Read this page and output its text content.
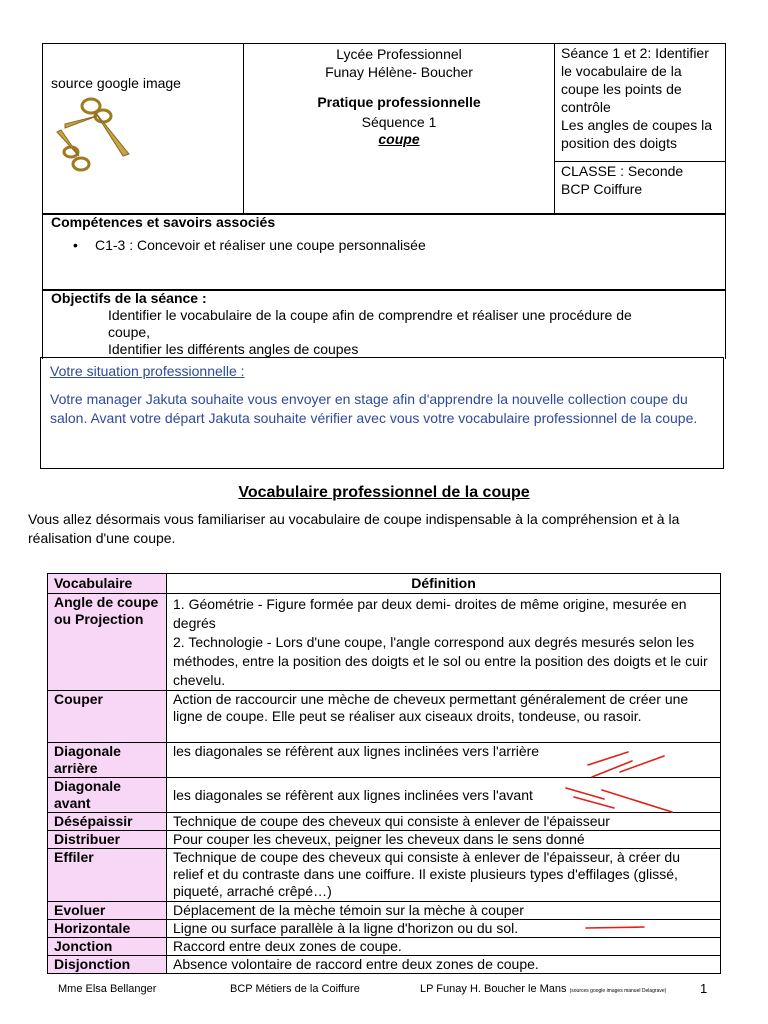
source google image

Lycée Professionnel
Funay Hélène- Boucher
Pratique professionnelle
Séquence 1
coupe

Séance 1 et 2: Identifier le vocabulaire de la coupe les points de contrôle
Les angles de coupes la position des doigts

CLASSE : Seconde
BCP Coiffure
Compétences et savoirs associés
• C1-3 : Concevoir et réaliser une coupe personnalisée
Objectifs de la séance :
Identifier le vocabulaire de la coupe afin de comprendre et réaliser une procédure de
coupe,
Identifier les différents angles de coupes
Votre situation professionnelle :
Votre manager Jakuta souhaite vous envoyer en stage afin d'apprendre la nouvelle collection coupe du salon. Avant votre départ Jakuta souhaite vérifier avec vous votre vocabulaire professionnel de la coupe.
Vocabulaire professionnel de la coupe
Vous allez désormais vous familiariser au vocabulaire de coupe indispensable à la compréhension et à la réalisation d'une coupe.
Vocabulaire	Définition
Angle de coupe ou Projection	1. Géométrie - Figure formée par deux demi- droites de même origine, mesurée en degrés
2. Technologie - Lors d'une coupe, l'angle correspond aux degrés mesurés selon les méthodes, entre la position des doigts et le sol ou entre la position des doigts et le cuir chevelu.

Couper	Action de raccourcir une mèche de cheveux permettant généralement de créer une ligne de coupe. Elle peut se réaliser aux ciseaux droits, tondeuse, ou rasoir.
Diagonale arrière	les diagonales se réfèrent aux lignes inclinées vers l'arrière
Diagonale avant	les diagonales se réfèrent aux lignes inclinées vers l'avant
Désépaissir	Technique de coupe des cheveux qui consiste à enlever de l'épaisseur
Distribuer	Pour couper les cheveux, peigner les cheveux dans le sens donné
Effiler	Technique de coupe des cheveux qui consiste à enlever de l'épaisseur, à créer du relief et du contraste dans une coiffure. Il existe plusieurs types d'effilages (glissé, piqueté, arraché crêpé…)
Evoluer	Déplacement de la mèche témoin sur la mèche à couper
Horizontale	Ligne ou surface parallèle à la ligne d'horizon ou du sol.
Jonction	Raccord entre deux zones de coupe.
Disjonction	Absence volontaire de raccord entre deux zones de coupe.
Mme Elsa Bellanger	BCP Métiers de la Coiffure	LP Funay H. Boucher le Mans (sources google images manuel Delagrave)	1
